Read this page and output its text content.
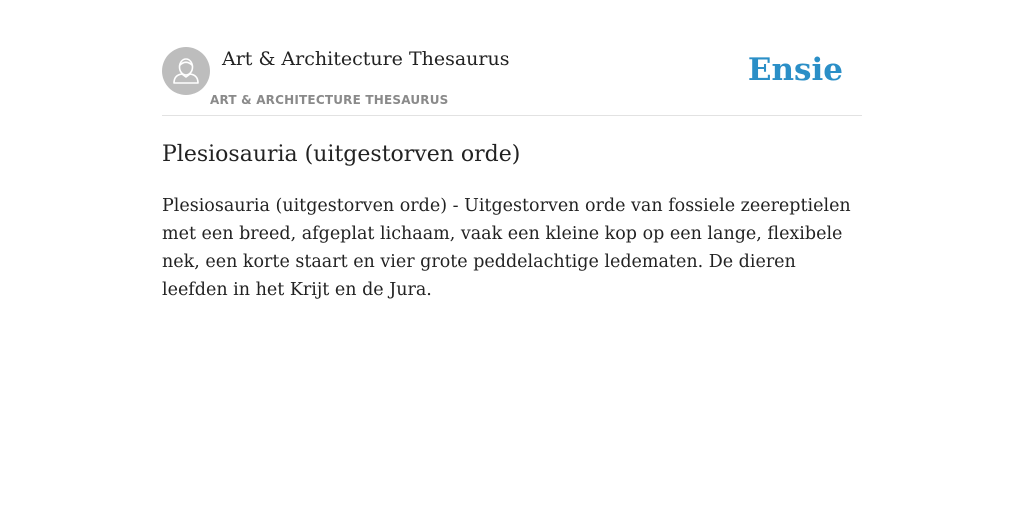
Art & Architecture Thesaurus
ART & ARCHITECTURE THESAURUS
Ensie
Plesiosauria (uitgestorven orde)

Plesiosauria (uitgestorven orde) - Uitgestorven orde van fossiele zeereptielen met een breed, afgeplat lichaam, vaak een kleine kop op een lange, flexibele nek, een korte staart en vier grote peddelachtige ledematen. De dieren leefden in het Krijt en de Jura.
